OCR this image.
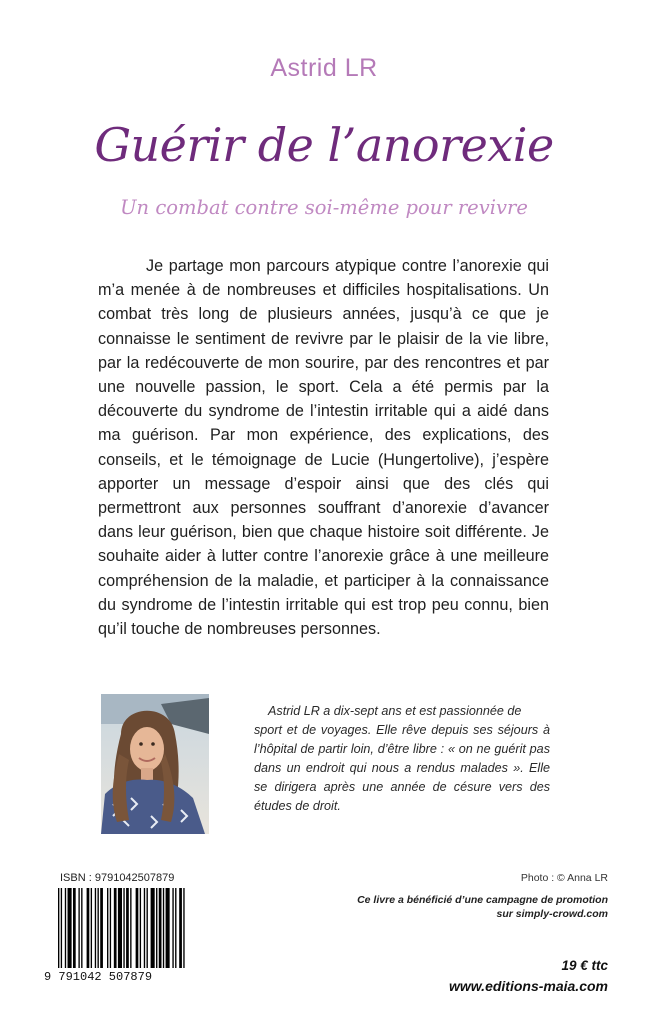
Astrid LR
Guérir de l’anorexie
Un combat contre soi-même pour revivre

Je partage mon parcours atypique contre l’anorexie qui m’a menée à de nombreuses et difficiles hospitalisations. Un combat très long de plusieurs années, jusqu’à ce que je connaisse le sentiment de revivre par le plaisir de la vie libre, par la redécouverte de mon sourire, par des rencontres et par une nouvelle passion, le sport. Cela a été permis par la découverte du syndrome de l’intestin irritable qui a aidé dans ma guérison. Par mon expérience, des explications, des conseils, et le témoignage de Lucie (Hungertolive), j’espère apporter un message d’espoir ainsi que des clés qui permettront aux personnes souffrant d’anorexie d’avancer dans leur guérison, bien que chaque histoire soit différente. Je souhaite aider à lutter contre l’anorexie grâce à une meilleure compréhension de la maladie, et participer à la connaissance du syndrome de l’intestin irritable qui est trop peu connu, bien qu’il touche de nombreuses personnes.

Astrid LR a dix-sept ans et est passionnée de
sport et de voyages. Elle rêve depuis ses séjours à l’hôpital de partir loin, d’être libre : « on ne guérit pas dans un endroit qui nous a rendus malades ». Elle se dirigera après une année de césure vers des études de droit.

ISBN : 9791042507879
9 791042 507879
Photo : © Anna LR
Ce livre a bénéficié d’une campagne de promotion
sur simply-crowd.com
19 € ttc
www.editions-maia.com
